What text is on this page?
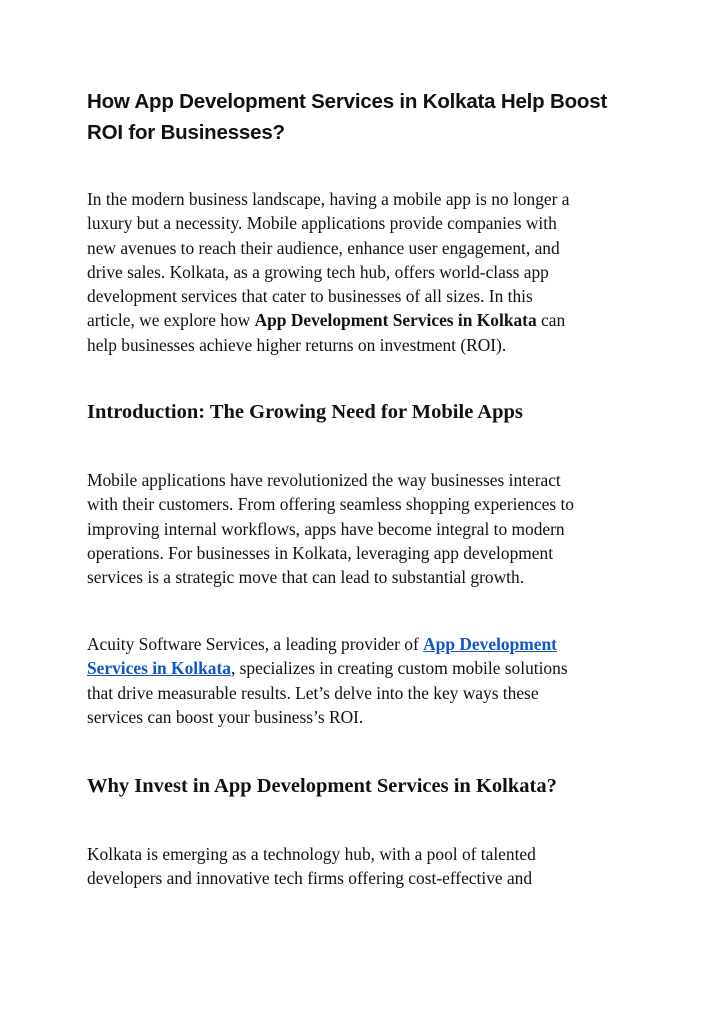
How App Development Services in Kolkata Help Boost
ROI for Businesses?

In the modern business landscape, having a mobile app is no longer a
luxury but a necessity. Mobile applications provide companies with
new avenues to reach their audience, enhance user engagement, and
drive sales. Kolkata, as a growing tech hub, offers world-class app
development services that cater to businesses of all sizes. In this
article, we explore how App Development Services in Kolkata can
help businesses achieve higher returns on investment (ROI).

Introduction: The Growing Need for Mobile Apps

Mobile applications have revolutionized the way businesses interact
with their customers. From offering seamless shopping experiences to
improving internal workflows, apps have become integral to modern
operations. For businesses in Kolkata, leveraging app development
services is a strategic move that can lead to substantial growth.

Acuity Software Services, a leading provider of App Development
Services in Kolkata, specializes in creating custom mobile solutions
that drive measurable results. Let’s delve into the key ways these
services can boost your business’s ROI.

Why Invest in App Development Services in Kolkata?

Kolkata is emerging as a technology hub, with a pool of talented
developers and innovative tech firms offering cost-effective and
